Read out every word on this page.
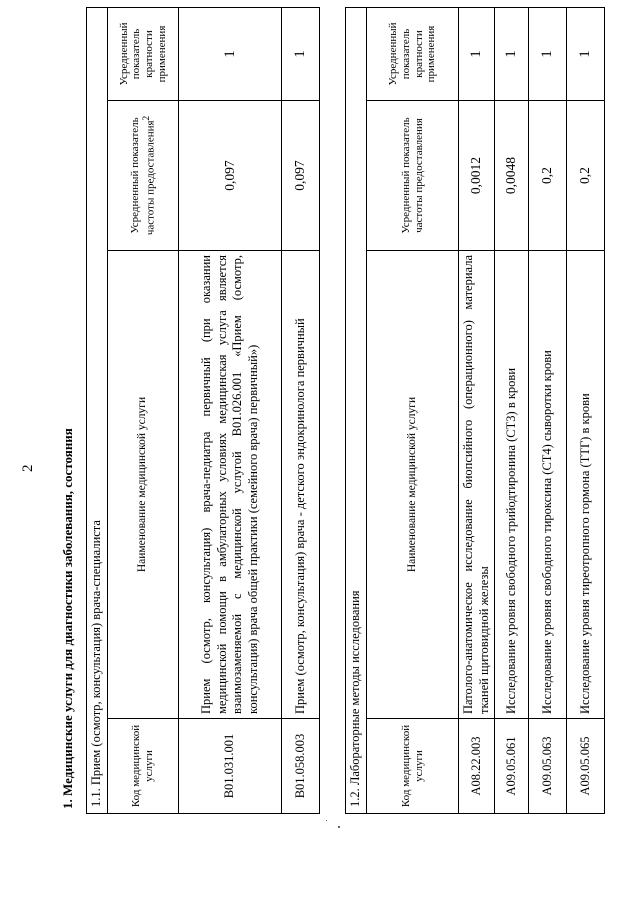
2 1. Медицинские услуги для диагностики заболевания, состояния 1.1. Прием (осмотр, консультация) врача-специалиста			
Код медицинской услуги	Наименование медицинской услуги	Усредненный показатель частоты предоставления$^2$	Усредненный показатель кратности применения
B01.031.001	Прием (осмотр, консультация) врача-педиатра первичный (при оказании медицинской помощи в амбулаторных условиях медицинская услуга является взаимозаменяемой с медицинской услугой B01.026.001 «Прием (осмотр, консультация) врача общей практики (семейного врача) первичный»)	0,097	1
B01.058.003	Прием (осмотр, консультация) врача - детского эндокринолога первичный	0,097	1
1.2. Лабораторные методы исследования			
Код медицинской услуги	Наименование медицинской услуги	Усредненный показатель частоты предоставления	Усредненный показатель кратности применения
A08.22.003	Патолого-анатомическое исследование биопсийного (операционного) материала тканей щитовидной железы	0,0012	1
A09.05.061	Исследование уровня свободного трийодтиронина (СТ3) в крови	0,0048	1
A09.05.063	Исследование уровня свободного тироксина (СТ4) сыворотки крови	0,2	1
A09.05.065	Исследование уровня тиреотропного гормона (ТТГ) в крови	0,2	1
